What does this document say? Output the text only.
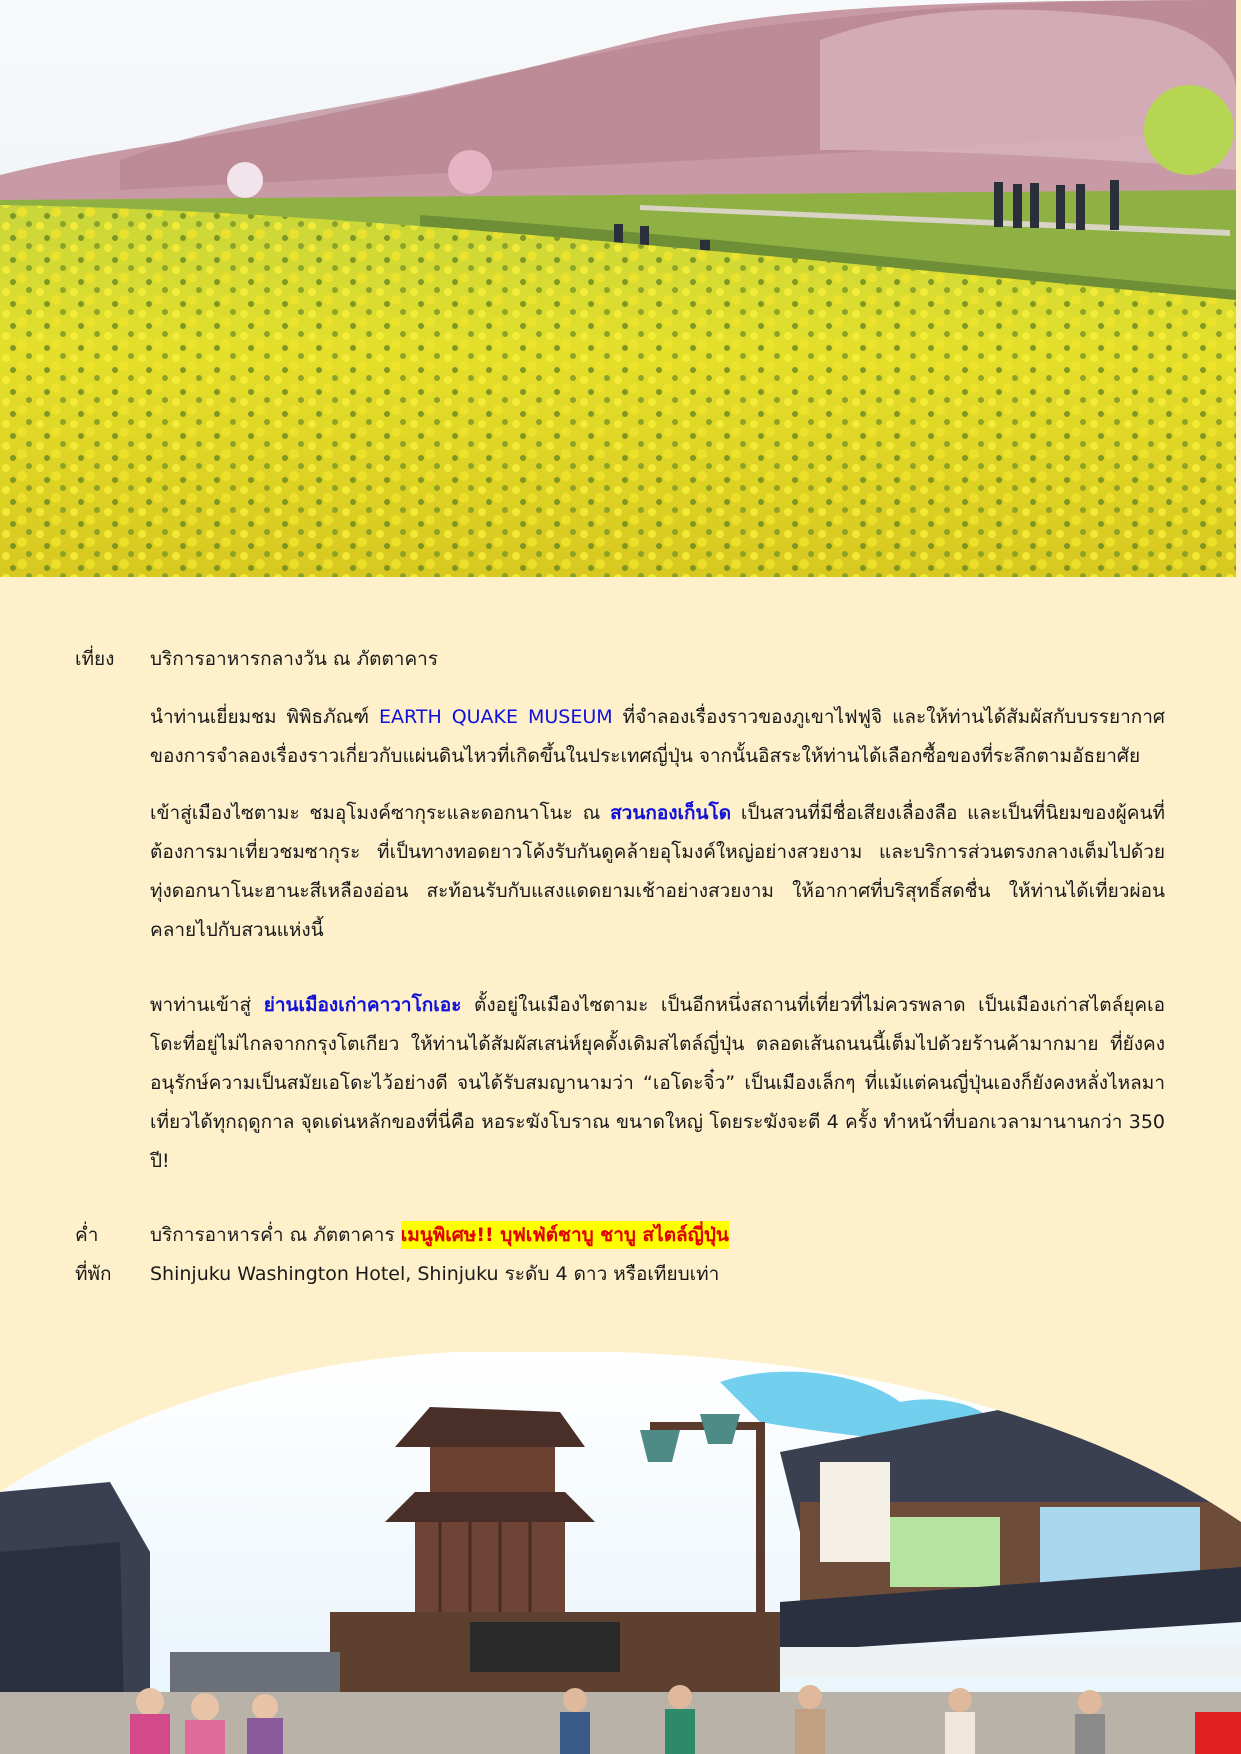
เที่ยง	บริการอาหารกลางวัน ณ ภัตตาคาร
นำท่านเยี่ยมชม พิพิธภัณฑ์ EARTH QUAKE MUSEUM ที่จำลองเรื่องราวของภูเขาไฟฟูจิ และให้ท่านได้สัมผัสกับบรรยากาศของการจำลองเรื่องราวเกี่ยวกับแผ่นดินไหวที่เกิดขึ้นในประเทศญี่ปุ่น จากนั้นอิสระให้ท่านได้เลือกซื้อของที่ระลึกตามอัธยาศัย
เข้าสู่เมืองไซตามะ ชมอุโมงค์ซากุระและดอกนาโนะ ณ สวนกองเก็นโด เป็นสวนที่มีชื่อเสียงเลื่องลือ และเป็นที่นิยมของผู้คนที่ต้องการมาเที่ยวชมซากุระ ที่เป็นทางทอดยาวโค้งรับกันดูคล้ายอุโมงค์ใหญ่อย่างสวยงาม และบริการส่วนตรงกลางเต็มไปด้วยทุ่งดอกนาโนะฮานะสีเหลืองอ่อน สะท้อนรับกับแสงแดดยามเช้าอย่างสวยงาม ให้อากาศที่บริสุทธิ์สดชื่น ให้ท่านได้เที่ยวผ่อนคลายไปกับสวนแห่งนี้
พาท่านเข้าสู่ ย่านเมืองเก่าคาวาโกเอะ ตั้งอยู่ในเมืองไซตามะ เป็นอีกหนึ่งสถานที่เที่ยวที่ไม่ควรพลาด เป็นเมืองเก่าสไตล์ยุคเอโดะที่อยู่ไม่ไกลจากกรุงโตเกียว ให้ท่านได้สัมผัสเสน่ห์ยุคดั้งเดิมสไตล์ญี่ปุ่น ตลอดเส้นถนนนี้เต็มไปด้วยร้านค้ามากมาย ที่ยังคงอนุรักษ์ความเป็นสมัยเอโดะไว้อย่างดี จนได้รับสมญานามว่า “เอโดะจิ๋ว” เป็นเมืองเล็กๆ ที่แม้แต่คนญี่ปุ่นเองก็ยังคงหลั่งไหลมาเที่ยวได้ทุกฤดูกาล จุดเด่นหลักของที่นี่คือ หอระฆังโบราณ ขนาดใหญ่ โดยระฆังจะตี 4 ครั้ง ทำหน้าที่บอกเวลามานานกว่า 350 ปี!
ค่ำ	บริการอาหารค่ำ ณ ภัตตาคาร เมนูพิเศษ!! บุฟเฟ่ต์ชาบู ชาบู สไตล์ญี่ปุ่น
ที่พัก	Shinjuku Washington Hotel, Shinjuku ระดับ 4 ดาว หรือเทียบเท่า
